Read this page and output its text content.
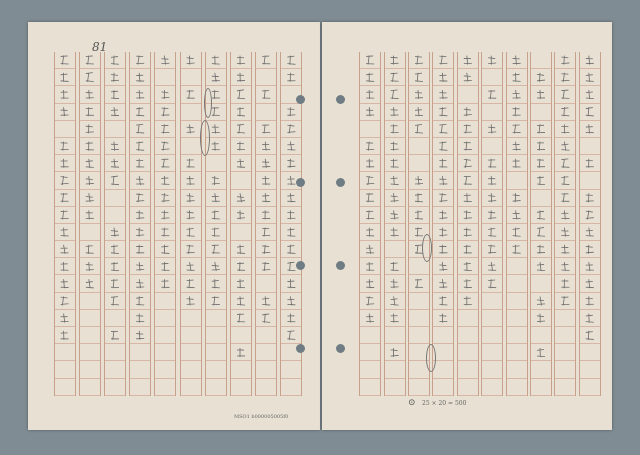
81
MSO1 b000005005f0
⊙ 25 × 20 = 500
